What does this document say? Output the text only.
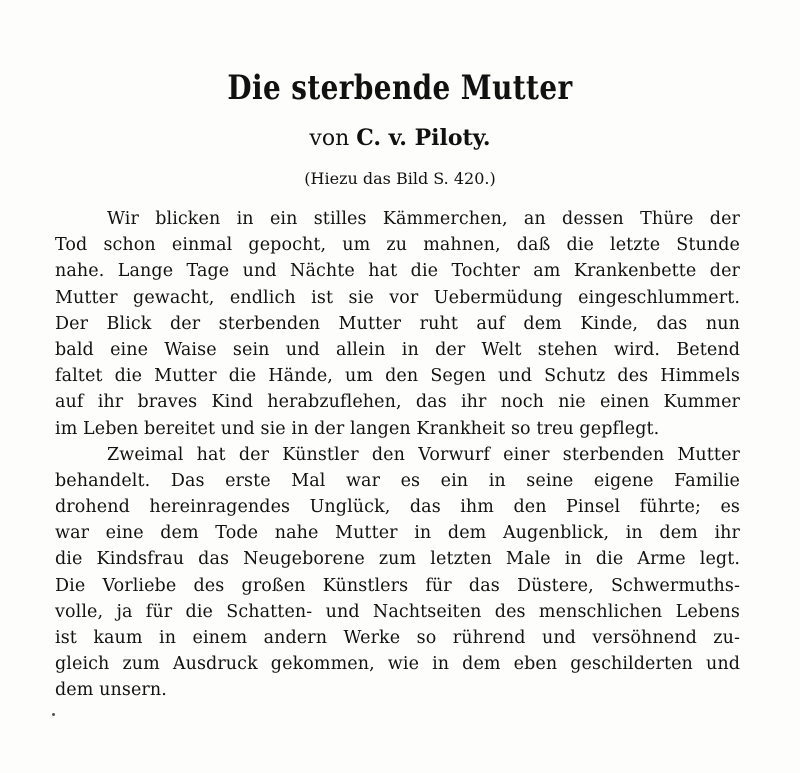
Die sterbende Mutter
von C. v. Piloty.
(Hiezu das Bild S. 420.)
Wir blicken in ein stilles Kämmerchen, an dessen Thüre der
Tod schon einmal gepocht, um zu mahnen, daß die letzte Stunde
nahe. Lange Tage und Nächte hat die Tochter am Krankenbette der
Mutter gewacht, endlich ist sie vor Uebermüdung eingeschlummert.
Der Blick der sterbenden Mutter ruht auf dem Kinde, das nun
bald eine Waise sein und allein in der Welt stehen wird. Betend
faltet die Mutter die Hände, um den Segen und Schutz des Himmels
auf ihr braves Kind herabzuflehen, das ihr noch nie einen Kummer
im Leben bereitet und sie in der langen Krankheit so treu gepflegt.
Zweimal hat der Künstler den Vorwurf einer sterbenden Mutter
behandelt. Das erste Mal war es ein in seine eigene Familie
drohend hereinragendes Unglück, das ihm den Pinsel führte; es
war eine dem Tode nahe Mutter in dem Augenblick, in dem ihr
die Kindsfrau das Neugeborene zum letzten Male in die Arme legt.
Die Vorliebe des großen Künstlers für das Düstere, Schwermuths-
volle, ja für die Schatten- und Nachtseiten des menschlichen Lebens
ist kaum in einem andern Werke so rührend und versöhnend zu-
gleich zum Ausdruck gekommen, wie in dem eben geschilderten und
dem unsern.
